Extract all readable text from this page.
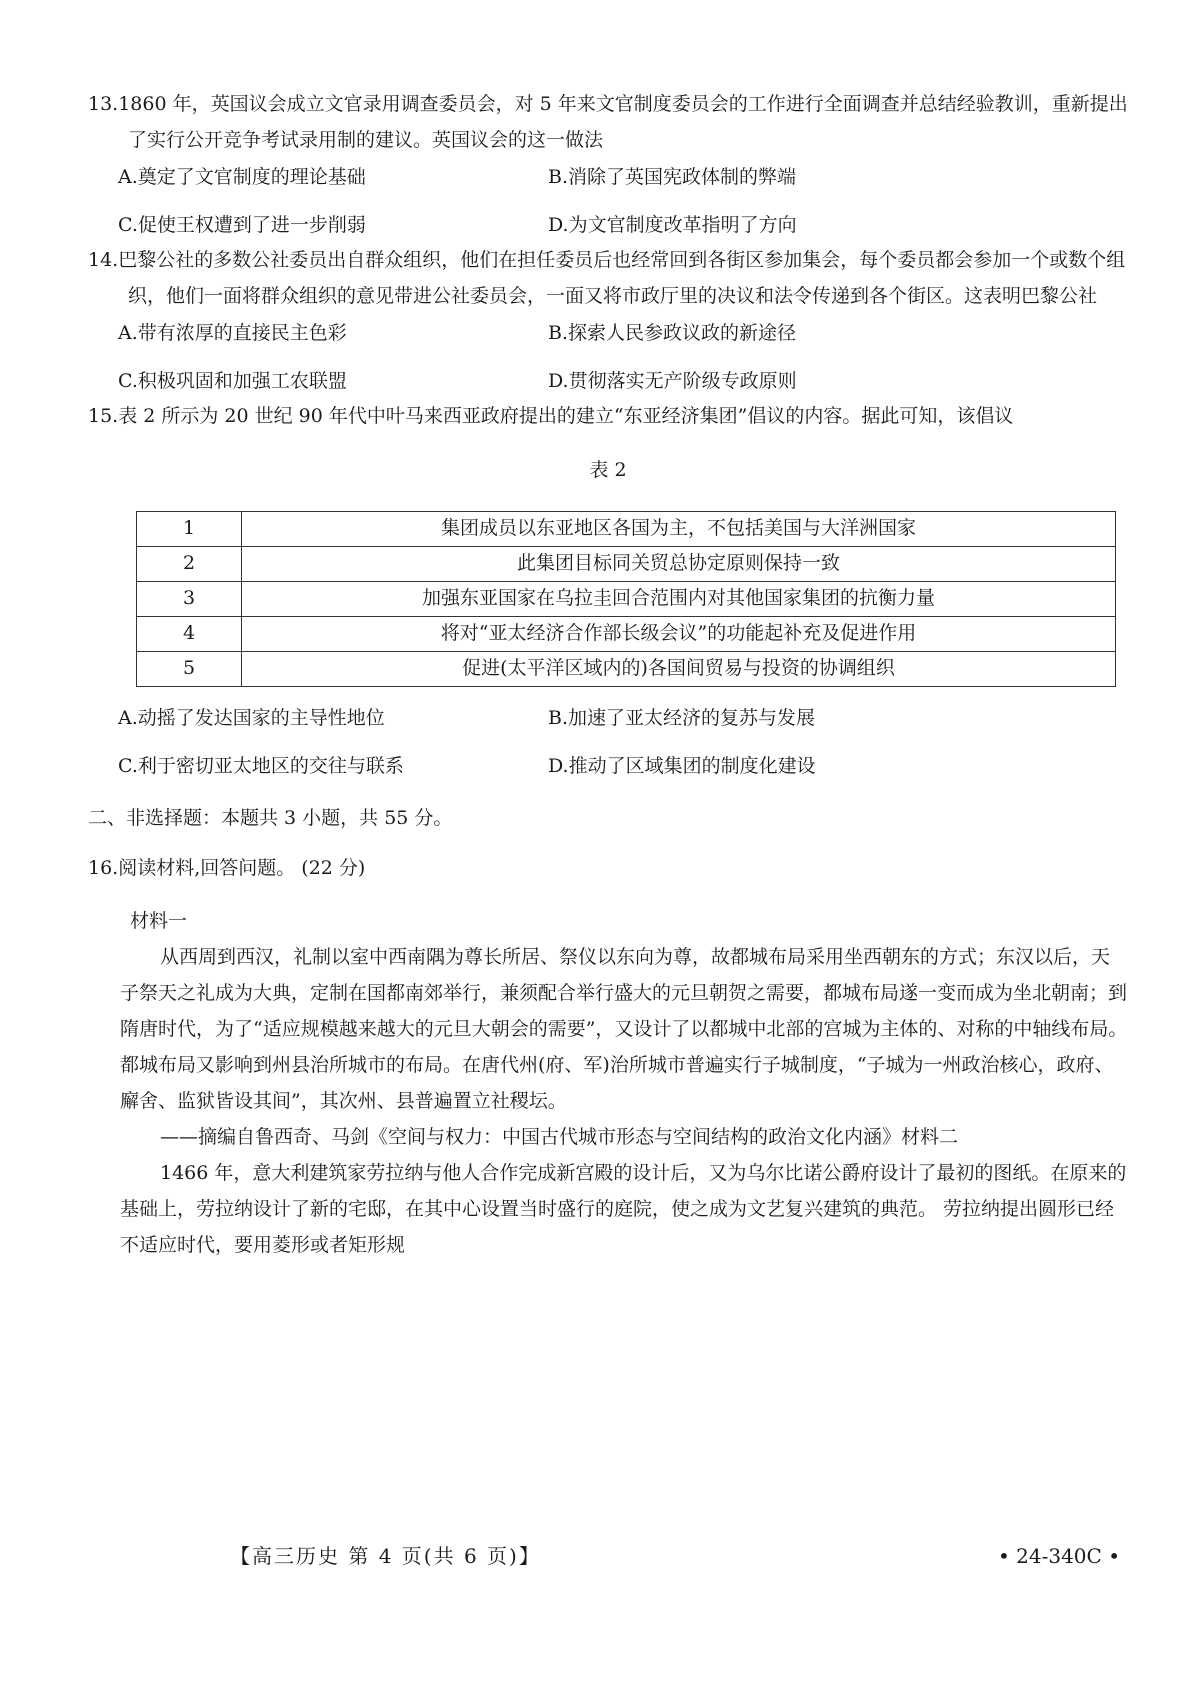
13.1860 年，英国议会成立文官录用调查委员会，对 5 年来文官制度委员会的工作进行全面调查并总结经验教训，重新提出了实行公开竞争考试录用制的建议。英国议会的这一做法

A.奠定了文官制度的理论基础	B.消除了英国宪政体制的弊端
C.促使王权遭到了进一步削弱	D.为文官制度改革指明了方向

14.巴黎公社的多数公社委员出自群众组织，他们在担任委员后也经常回到各街区参加集会，每个委员都会参加一个或数个组织，他们一面将群众组织的意见带进公社委员会，一面又将市政厅里的决议和法令传递到各个街区。这表明巴黎公社

A.带有浓厚的直接民主色彩	B.探索人民参政议政的新途径
C.积极巩固和加强工农联盟	D.贯彻落实无产阶级专政原则

15.表 2 所示为 20 世纪 90 年代中叶马来西亚政府提出的建立“东亚经济集团”倡议的内容。据此可知，该倡议

表 2
1	集团成员以东亚地区各国为主，不包括美国与大洋洲国家
2	此集团目标同关贸总协定原则保持一致
3	加强东亚国家在乌拉圭回合范围内对其他国家集团的抗衡力量
4	将对“亚太经济合作部长级会议”的功能起补充及促进作用
5	促进(太平洋区域内的)各国间贸易与投资的协调组织
A.动摇了发达国家的主导性地位	B.加速了亚太经济的复苏与发展
C.利于密切亚太地区的交往与联系	D.推动了区域集团的制度化建设
二、非选择题：本题共 3 小题，共 55 分。
16.阅读材料,回答问题。 (22 分)
材料一

从西周到西汉，礼制以室中西南隅为尊长所居、祭仪以东向为尊，故都城布局采用坐西朝东的方式；东汉以后，天子祭天之礼成为大典，定制在国都南郊举行，兼须配合举行盛大的元旦朝贺之需要，都城布局遂一变而成为坐北朝南；到隋唐时代，为了“适应规模越来越大的元旦大朝会的需要”，又设计了以都城中北部的宫城为主体的、对称的中轴线布局。 都城布局又影响到州县治所城市的布局。在唐代州(府、军)治所城市普遍实行子城制度，“子城为一州政治核心，政府、廨舍、监狱皆设其间”，其次州、县普遍置立社稷坛。

——摘编自鲁西奇、马剑《空间与权力：中国古代城市形态与空间结构的政治文化内涵》材料二

1466 年，意大利建筑家劳拉纳与他人合作完成新宫殿的设计后，又为乌尔比诺公爵府设计了最初的图纸。在原来的基础上，劳拉纳设计了新的宅邸，在其中心设置当时盛行的庭院，使之成为文艺复兴建筑的典范。 劳拉纳提出圆形已经不适应时代，要用菱形或者矩形规

【高三历史 第 4 页(共 6 页)】	• 24-340C •
